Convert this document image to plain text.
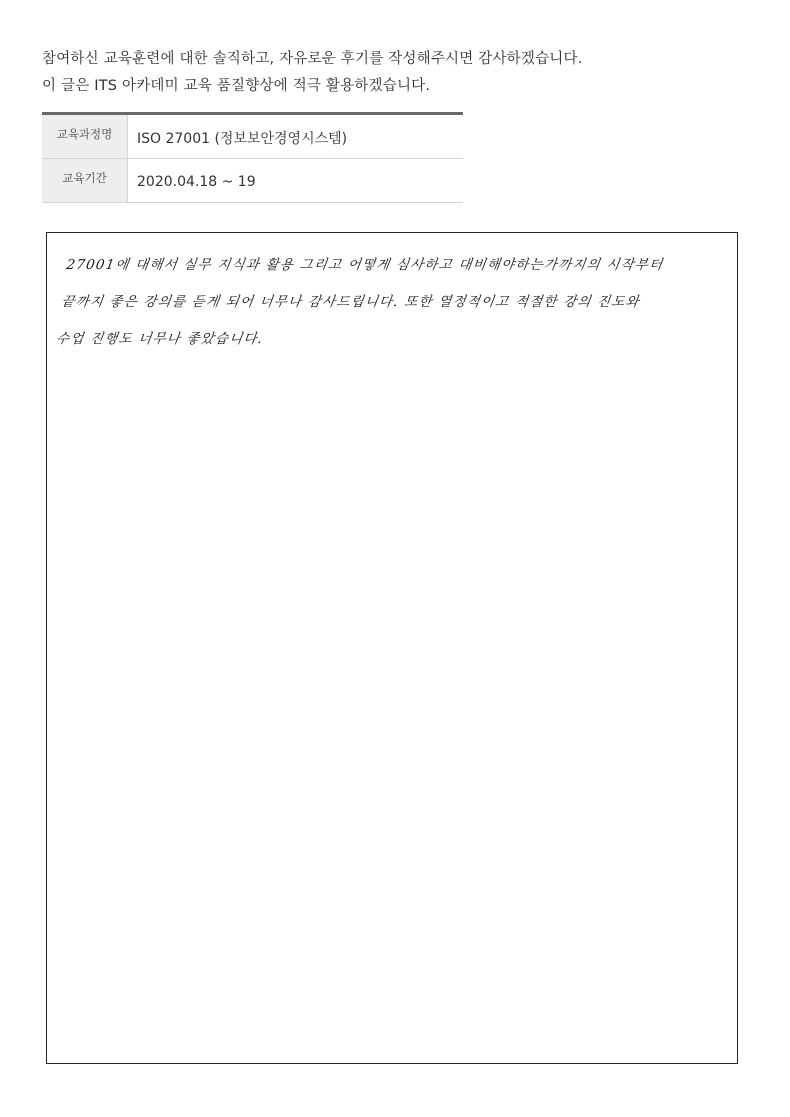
참여하신 교육훈련에 대한 솔직하고, 자유로운 후기를 작성해주시면 감사하겠습니다.

이 글은 ITS 아카데미 교육 품질향상에 적극 활용하겠습니다.

교육과정명	ISO 27001 (정보보안경영시스템)
교육기간	2020.04.18 ~ 19
27001에 대해서 실무 지식과 활용 그리고 어떻게 심사하고 대비해야하는가까지의 시작부터
끝까지 좋은 강의를 듣게 되어 너무나 감사드립니다. 또한 열정적이고 적절한 강의 진도와
수업 진행도 너무나 좋았습니다.
